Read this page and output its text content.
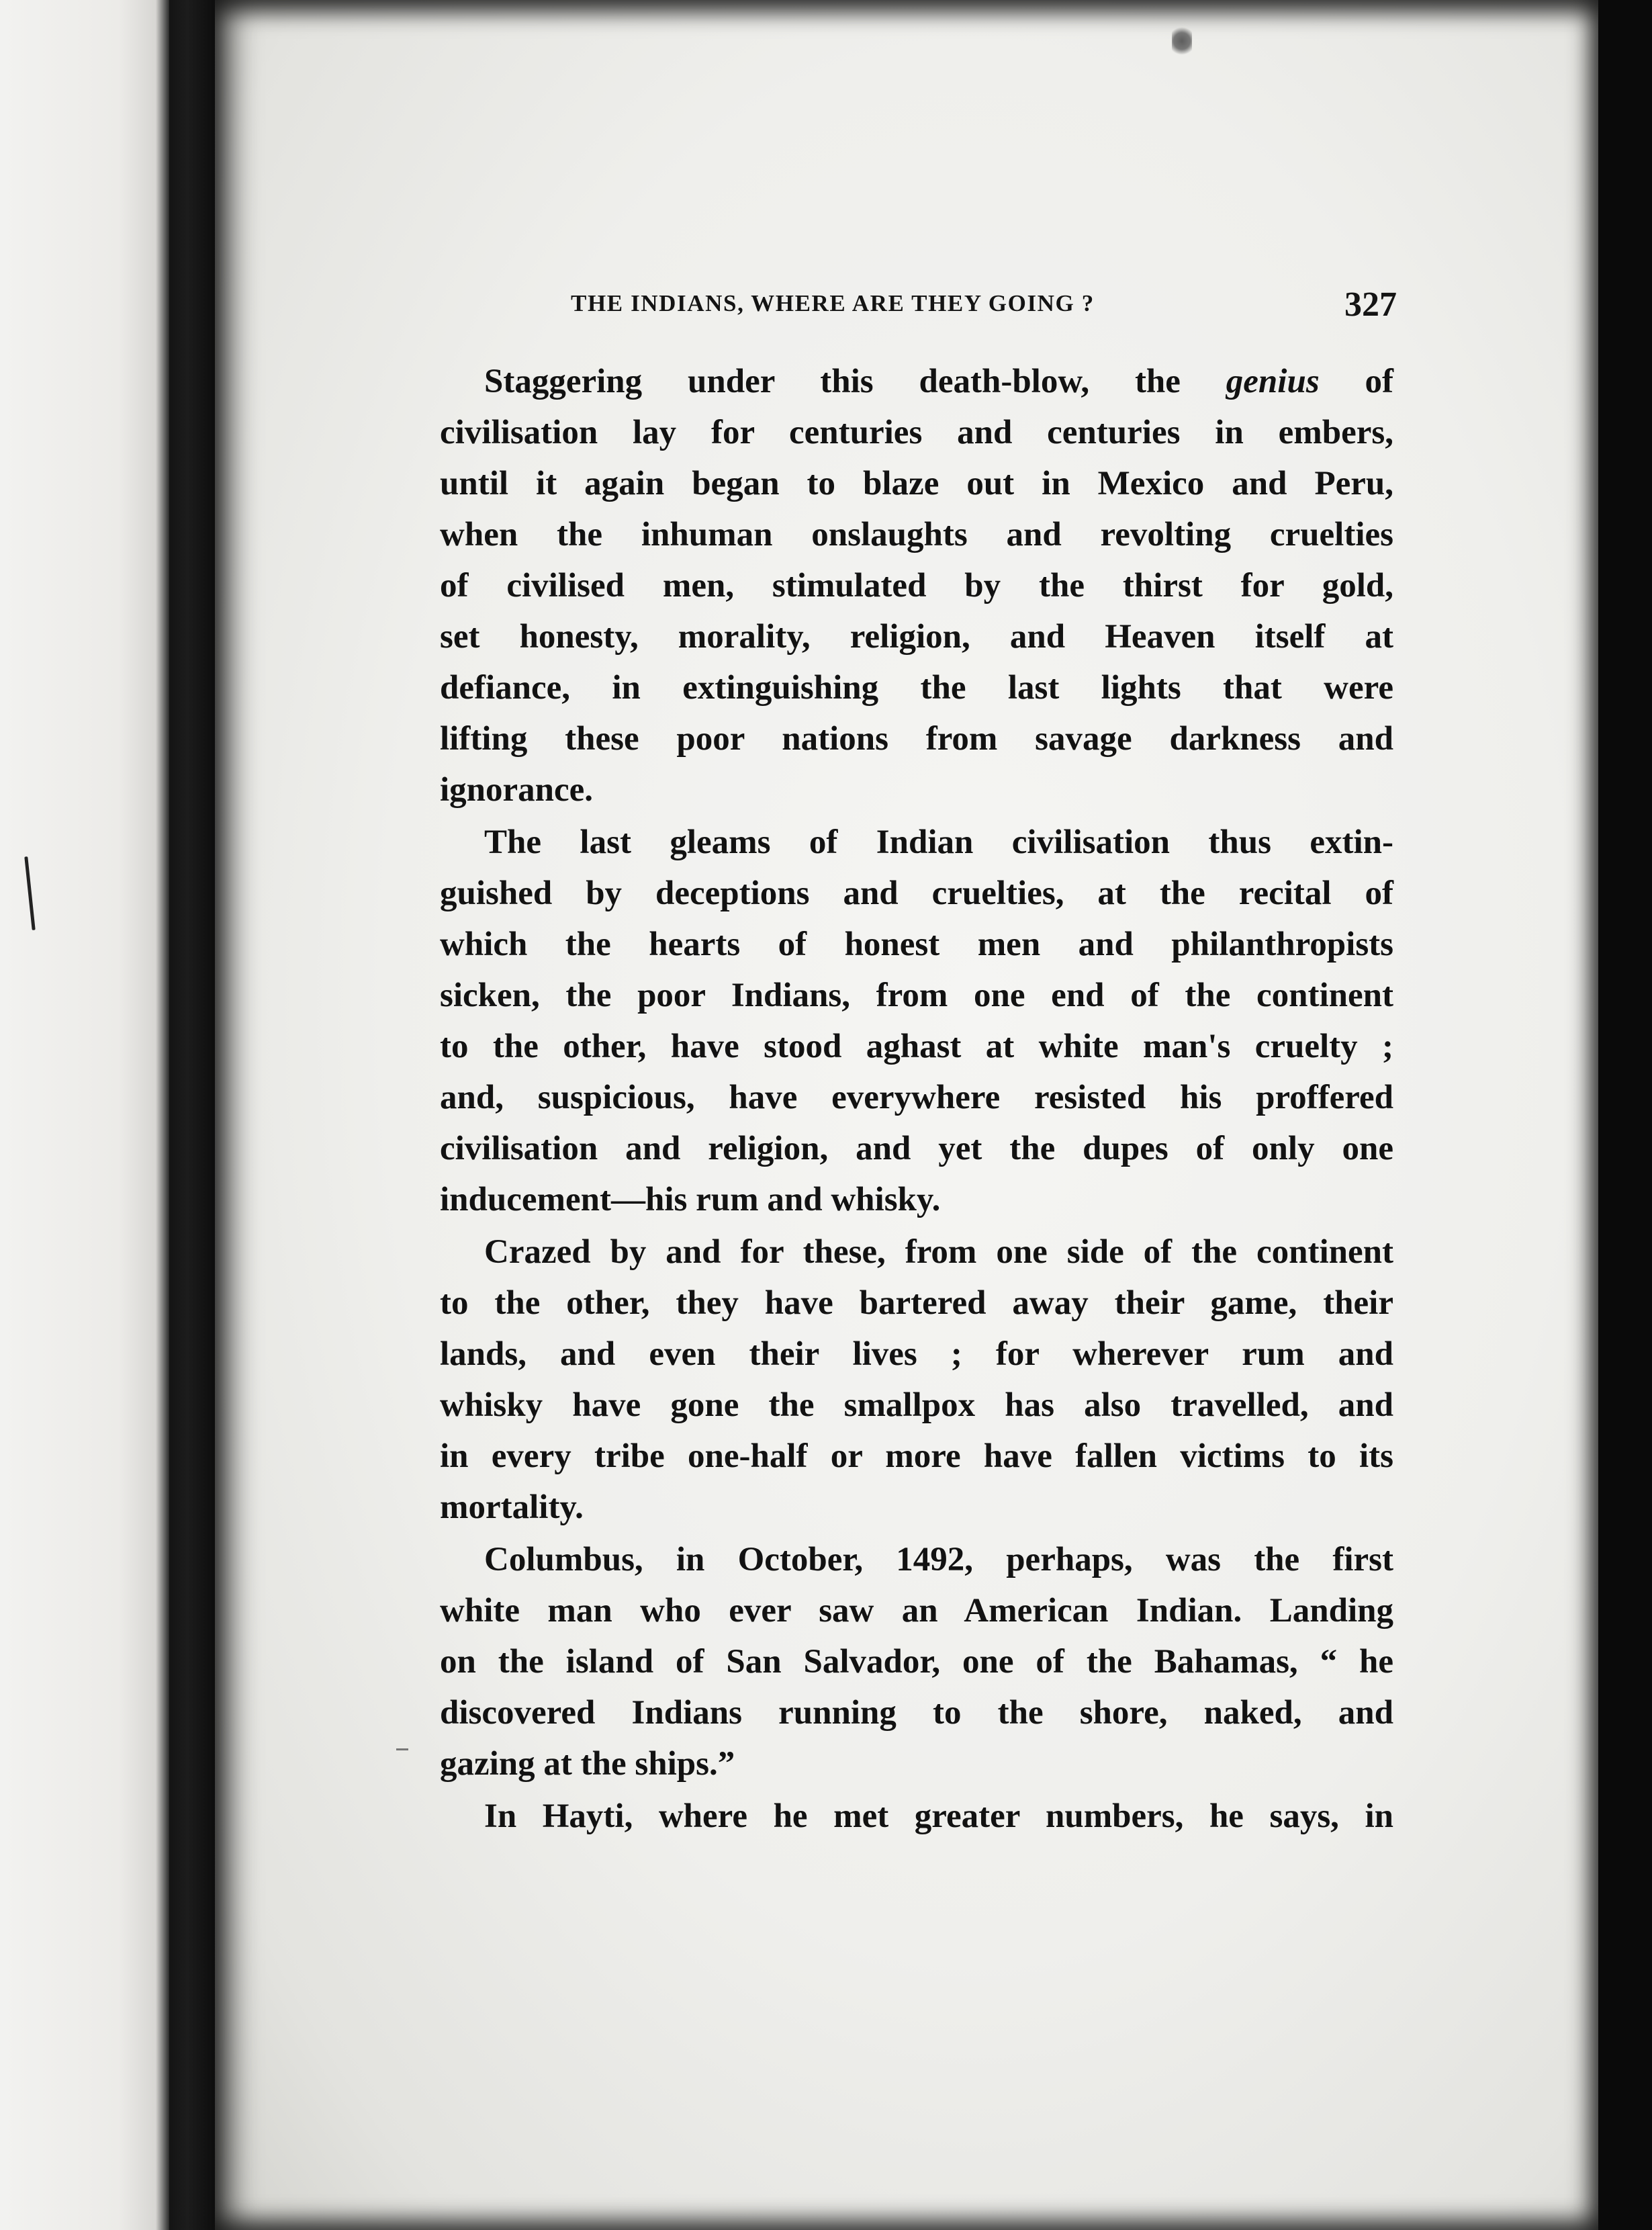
THE INDIANS, WHERE ARE THEY GOING ?	327
Staggering under this death-blow, the genius of
civilisation lay for centuries and centuries in embers,
until it again began to blaze out in Mexico and Peru,
when the inhuman onslaughts and revolting cruelties
of civilised men, stimulated by the thirst for gold,
set honesty, morality, religion, and Heaven itself at
defiance, in extinguishing the last lights that were
lifting these poor nations from savage darkness and
ignorance.
The last gleams of Indian civilisation thus extin-
guished by deceptions and cruelties, at the recital of
which the hearts of honest men and philanthropists
sicken, the poor Indians, from one end of the continent
to the other, have stood aghast at white man's cruelty ;
and, suspicious, have everywhere resisted his proffered
civilisation and religion, and yet the dupes of only one
inducement—his rum and whisky.
Crazed by and for these, from one side of the continent
to the other, they have bartered away their game, their
lands, and even their lives ; for wherever rum and
whisky have gone the smallpox has also travelled, and
in every tribe one-half or more have fallen victims to its
mortality.
Columbus, in October, 1492, perhaps, was the first
white man who ever saw an American Indian. Landing
on the island of San Salvador, one of the Bahamas, “ he
discovered Indians running to the shore, naked, and
gazing at the ships.”
In Hayti, where he met greater numbers, he says, in
